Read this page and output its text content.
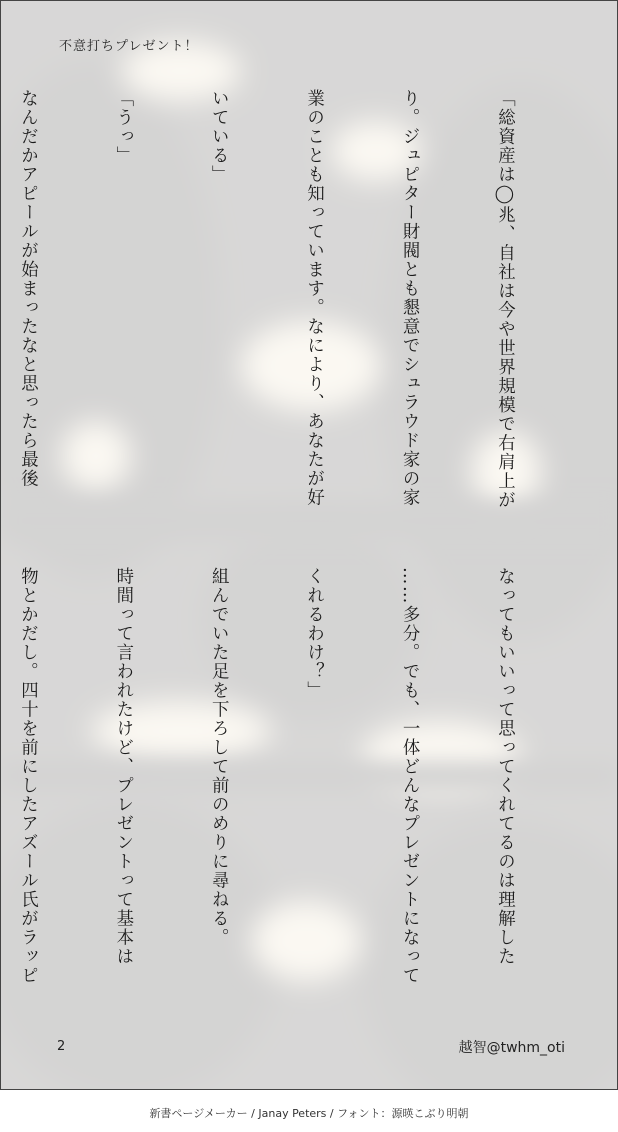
不意打ちプレゼント！

「総資産は◯兆、自社は今や世界規模で右肩上が

り。ジュピター財閥とも懇意でシュラウド家の家

業のことも知っています。なにより、あなたが好

いている」

「うっ」

なんだかアピールが始まったなと思ったら最後

なってもいいって思ってくれてるのは理解した

……多分。でも、一体どんなプレゼントになって

くれるわけ？」

組んでいた足を下ろして前のめりに尋ねる。

時間って言われたけど、プレゼントって基本は

物とかだし。四十を前にしたアズール氏がラッピ

2	越智@twhm_oti
新書ページメーカー / Janay Peters / フォント：源暎こぶり明朝
